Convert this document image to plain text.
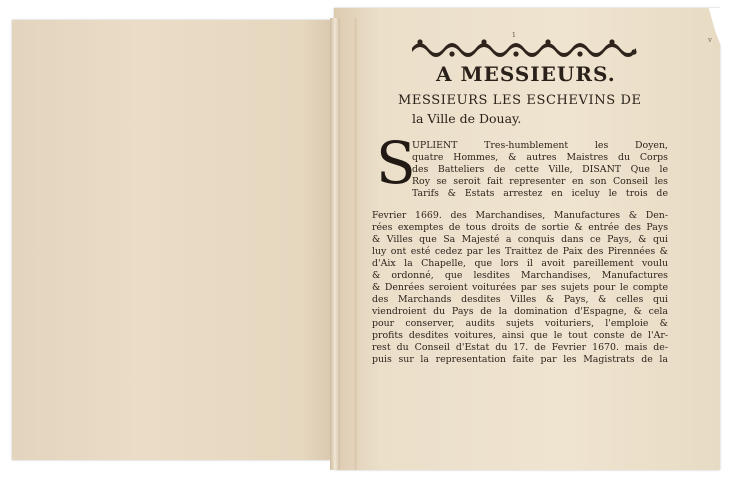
1
v
A MESSIEURS.
MESSIEURS LES ESCHEVINS DE
la Ville de Douay.
S
UPLIENT Tres-humblement les Doyen,
quatre Hommes, & autres Maistres du Corps
des Batteliers de cette Ville, DISANT Que le
Roy se seroit fait representer en son Conseil les
Tarifs & Estats arrestez en iceluy le trois de
Fevrier 1669. des Marchandises, Manufactures & Den-
rées exemptes de tous droits de sortie & entrée des Pays
& Villes que Sa Majesté a conquis dans ce Pays, & qui
luy ont esté cedez par les Traittez de Paix des Pirennées &
d'Aix la Chapelle, que lors il avoit pareillement voulu
& ordonné, que lesdites Marchandises, Manufactures
& Denrées seroient voiturées par ses sujets pour le compte
des Marchands desdites Villes & Pays, & celles qui
viendroient du Pays de la domination d'Espagne, & cela
pour conserver, audits sujets voituriers, l'emploie &
profits desdites voitures, ainsi que le tout conste de l'Ar-
rest du Conseil d'Estat du 17. de Fevrier 1670. mais de-
puis sur la representation faite par les Magistrats de la
